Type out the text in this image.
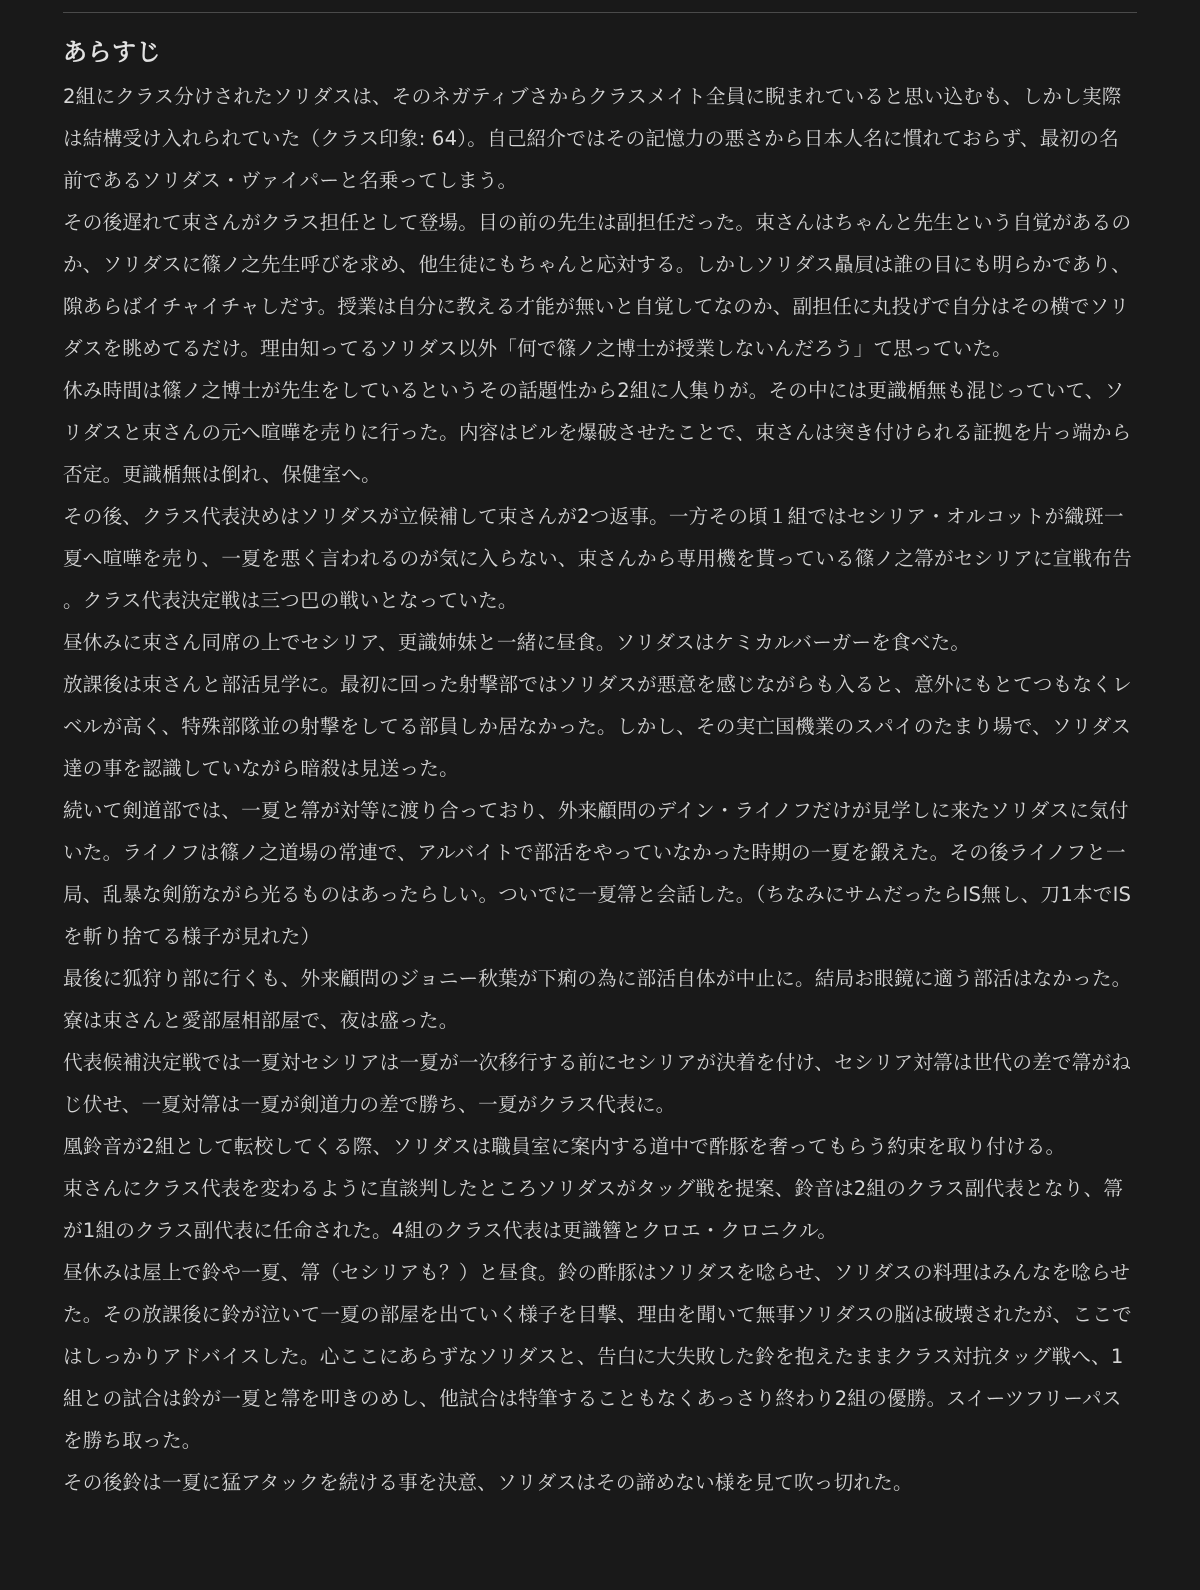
あらすじ

2組にクラス分けされたソリダスは、そのネガティブさからクラスメイト全員に睨まれていると思い込むも、しかし実際は結構受け入れられていた（クラス印象: 64）。自己紹介ではその記憶力の悪さから日本人名に慣れておらず、最初の名前であるソリダス・ヴァイパーと名乗ってしまう。

その後遅れて束さんがクラス担任として登場。目の前の先生は副担任だった。束さんはちゃんと先生という自覚があるのか、ソリダスに篠ノ之先生呼びを求め、他生徒にもちゃんと応対する。しかしソリダス贔屓は誰の目にも明らかであり、隙あらばイチャイチャしだす。授業は自分に教える才能が無いと自覚してなのか、副担任に丸投げで自分はその横でソリダスを眺めてるだけ。理由知ってるソリダス以外「何で篠ノ之博士が授業しないんだろう」て思っていた。

休み時間は篠ノ之博士が先生をしているというその話題性から2組に人集りが。その中には更識楯無も混じっていて、ソリダスと束さんの元へ喧嘩を売りに行った。内容はビルを爆破させたことで、束さんは突き付けられる証拠を片っ端から否定。更識楯無は倒れ、保健室へ。

その後、クラス代表決めはソリダスが立候補して束さんが2つ返事。一方その頃１組ではセシリア・オルコットが織斑一夏へ喧嘩を売り、一夏を悪く言われるのが気に入らない、束さんから専用機を貰っている篠ノ之箒がセシリアに宣戦布告。クラス代表決定戦は三つ巴の戦いとなっていた。

昼休みに束さん同席の上でセシリア、更識姉妹と一緒に昼食。ソリダスはケミカルバーガーを食べた。

放課後は束さんと部活見学に。最初に回った射撃部ではソリダスが悪意を感じながらも入ると、意外にもとてつもなくレベルが高く、特殊部隊並の射撃をしてる部員しか居なかった。しかし、その実亡国機業のスパイのたまり場で、ソリダス達の事を認識していながら暗殺は見送った。

続いて剣道部では、一夏と箒が対等に渡り合っており、外来顧問のデイン・ライノフだけが見学しに来たソリダスに気付いた。ライノフは篠ノ之道場の常連で、アルバイトで部活をやっていなかった時期の一夏を鍛えた。その後ライノフと一局、乱暴な剣筋ながら光るものはあったらしい。ついでに一夏箒と会話した。（ちなみにサムだったらIS無し、刀1本でISを斬り捨てる様子が見れた）

最後に狐狩り部に行くも、外来顧問のジョニー秋葉が下痢の為に部活自体が中止に。結局お眼鏡に適う部活はなかった。

寮は束さんと愛部屋相部屋で、夜は盛った。

代表候補決定戦では一夏対セシリアは一夏が一次移行する前にセシリアが決着を付け、セシリア対箒は世代の差で箒がねじ伏せ、一夏対箒は一夏が剣道力の差で勝ち、一夏がクラス代表に。

凰鈴音が2組として転校してくる際、ソリダスは職員室に案内する道中で酢豚を奢ってもらう約束を取り付ける。

束さんにクラス代表を変わるように直談判したところソリダスがタッグ戦を提案、鈴音は2組のクラス副代表となり、箒が1組のクラス副代表に任命された。4組のクラス代表は更識簪とクロエ・クロニクル。

昼休みは屋上で鈴や一夏、箒（セシリアも？）と昼食。鈴の酢豚はソリダスを唸らせ、ソリダスの料理はみんなを唸らせた。その放課後に鈴が泣いて一夏の部屋を出ていく様子を目撃、理由を聞いて無事ソリダスの脳は破壊されたが、ここではしっかりアドバイスした。心ここにあらずなソリダスと、告白に大失敗した鈴を抱えたままクラス対抗タッグ戦へ、1組との試合は鈴が一夏と箒を叩きのめし、他試合は特筆することもなくあっさり終わり2組の優勝。スイーツフリーパスを勝ち取った。

その後鈴は一夏に猛アタックを続ける事を決意、ソリダスはその諦めない様を見て吹っ切れた。
